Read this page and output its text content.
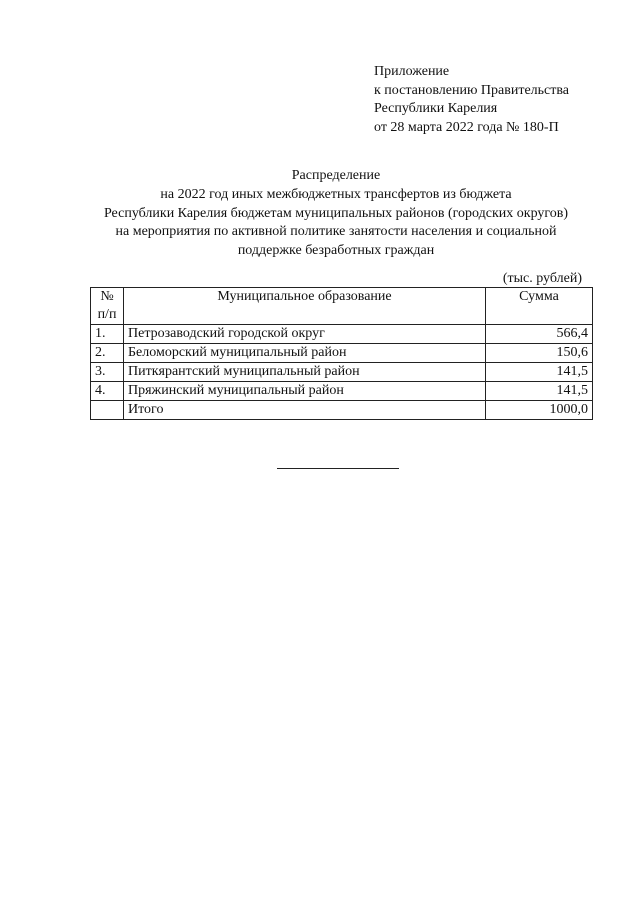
Приложение
к постановлению Правительства
Республики Карелия
от 28 марта 2022 года № 180-П
Распределение
на 2022 год иных межбюджетных трансфертов из бюджета
Республики Карелия бюджетам муниципальных районов (городских округов)
на мероприятия по активной политике занятости населения и социальной
поддержке безработных граждан
(тыс. рублей)
№
п/п	Муниципальное образование	Сумма
1.	Петрозаводский городской округ	566,4
2.	Беломорский муниципальный район	150,6
3.	Питкярантский муниципальный район	141,5
4.	Пряжинский муниципальный район	141,5
	Итого	1000,0
